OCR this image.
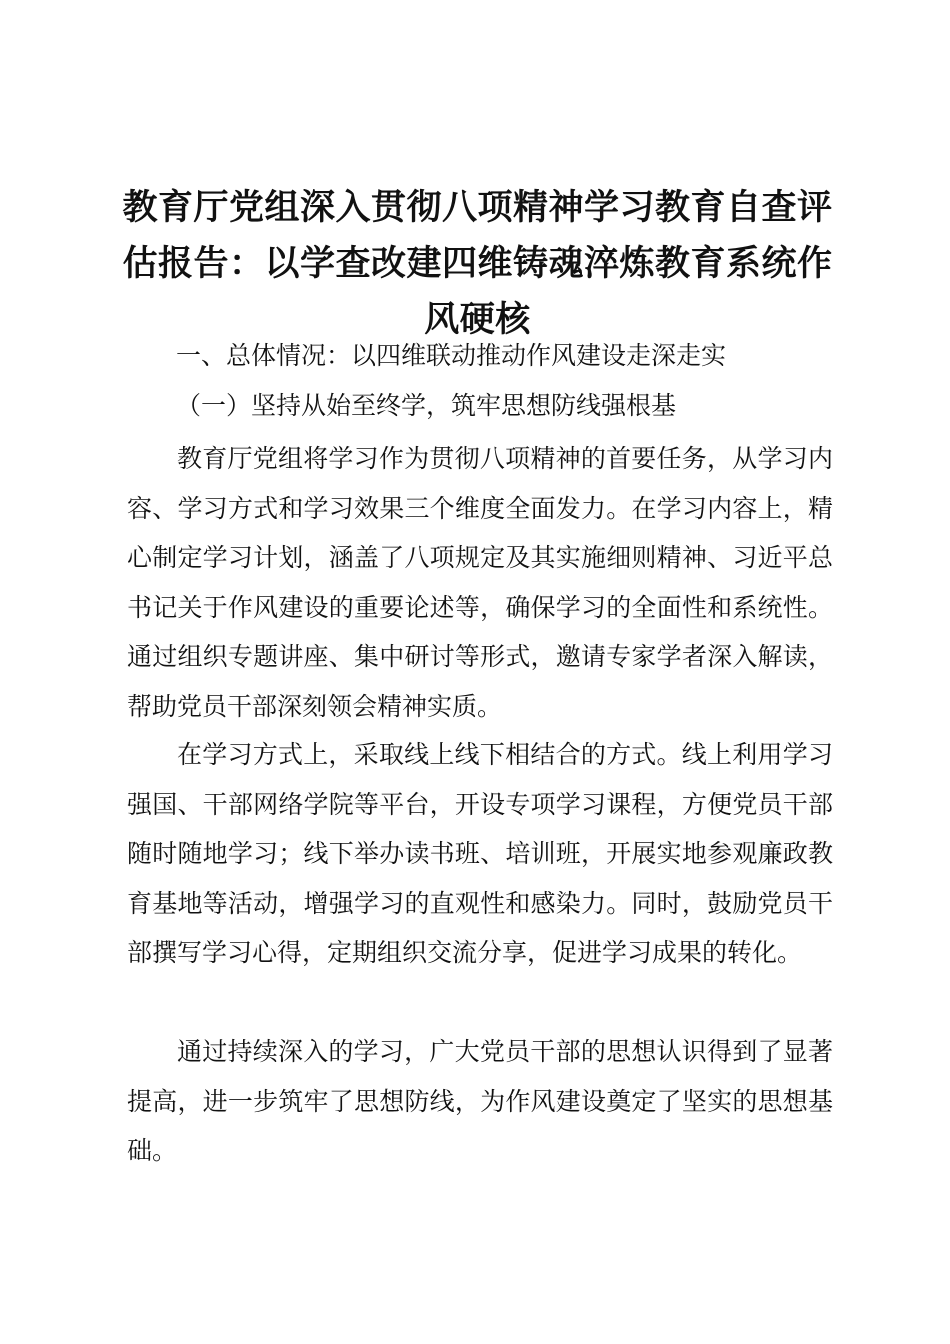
教育厅党组深入贯彻八项精神学习教育自查评估报告：以学查改建四维铸魂淬炼教育系统作风硬核

一、总体情况：以四维联动推动作风建设走深走实

（一）坚持从始至终学，筑牢思想防线强根基

教育厅党组将学习作为贯彻八项精神的首要任务，从学习内容、学习方式和学习效果三个维度全面发力。在学习内容上，精心制定学习计划，涵盖了八项规定及其实施细则精神、习近平总书记关于作风建设的重要论述等，确保学习的全面性和系统性。通过组织专题讲座、集中研讨等形式，邀请专家学者深入解读，帮助党员干部深刻领会精神实质。

在学习方式上，采取线上线下相结合的方式。线上利用学习强国、干部网络学院等平台，开设专项学习课程，方便党员干部随时随地学习；线下举办读书班、培训班，开展实地参观廉政教育基地等活动，增强学习的直观性和感染力。同时，鼓励党员干部撰写学习心得，定期组织交流分享，促进学习成果的转化。

通过持续深入的学习，广大党员干部的思想认识得到了显著提高，进一步筑牢了思想防线，为作风建设奠定了坚实的思想基础。
